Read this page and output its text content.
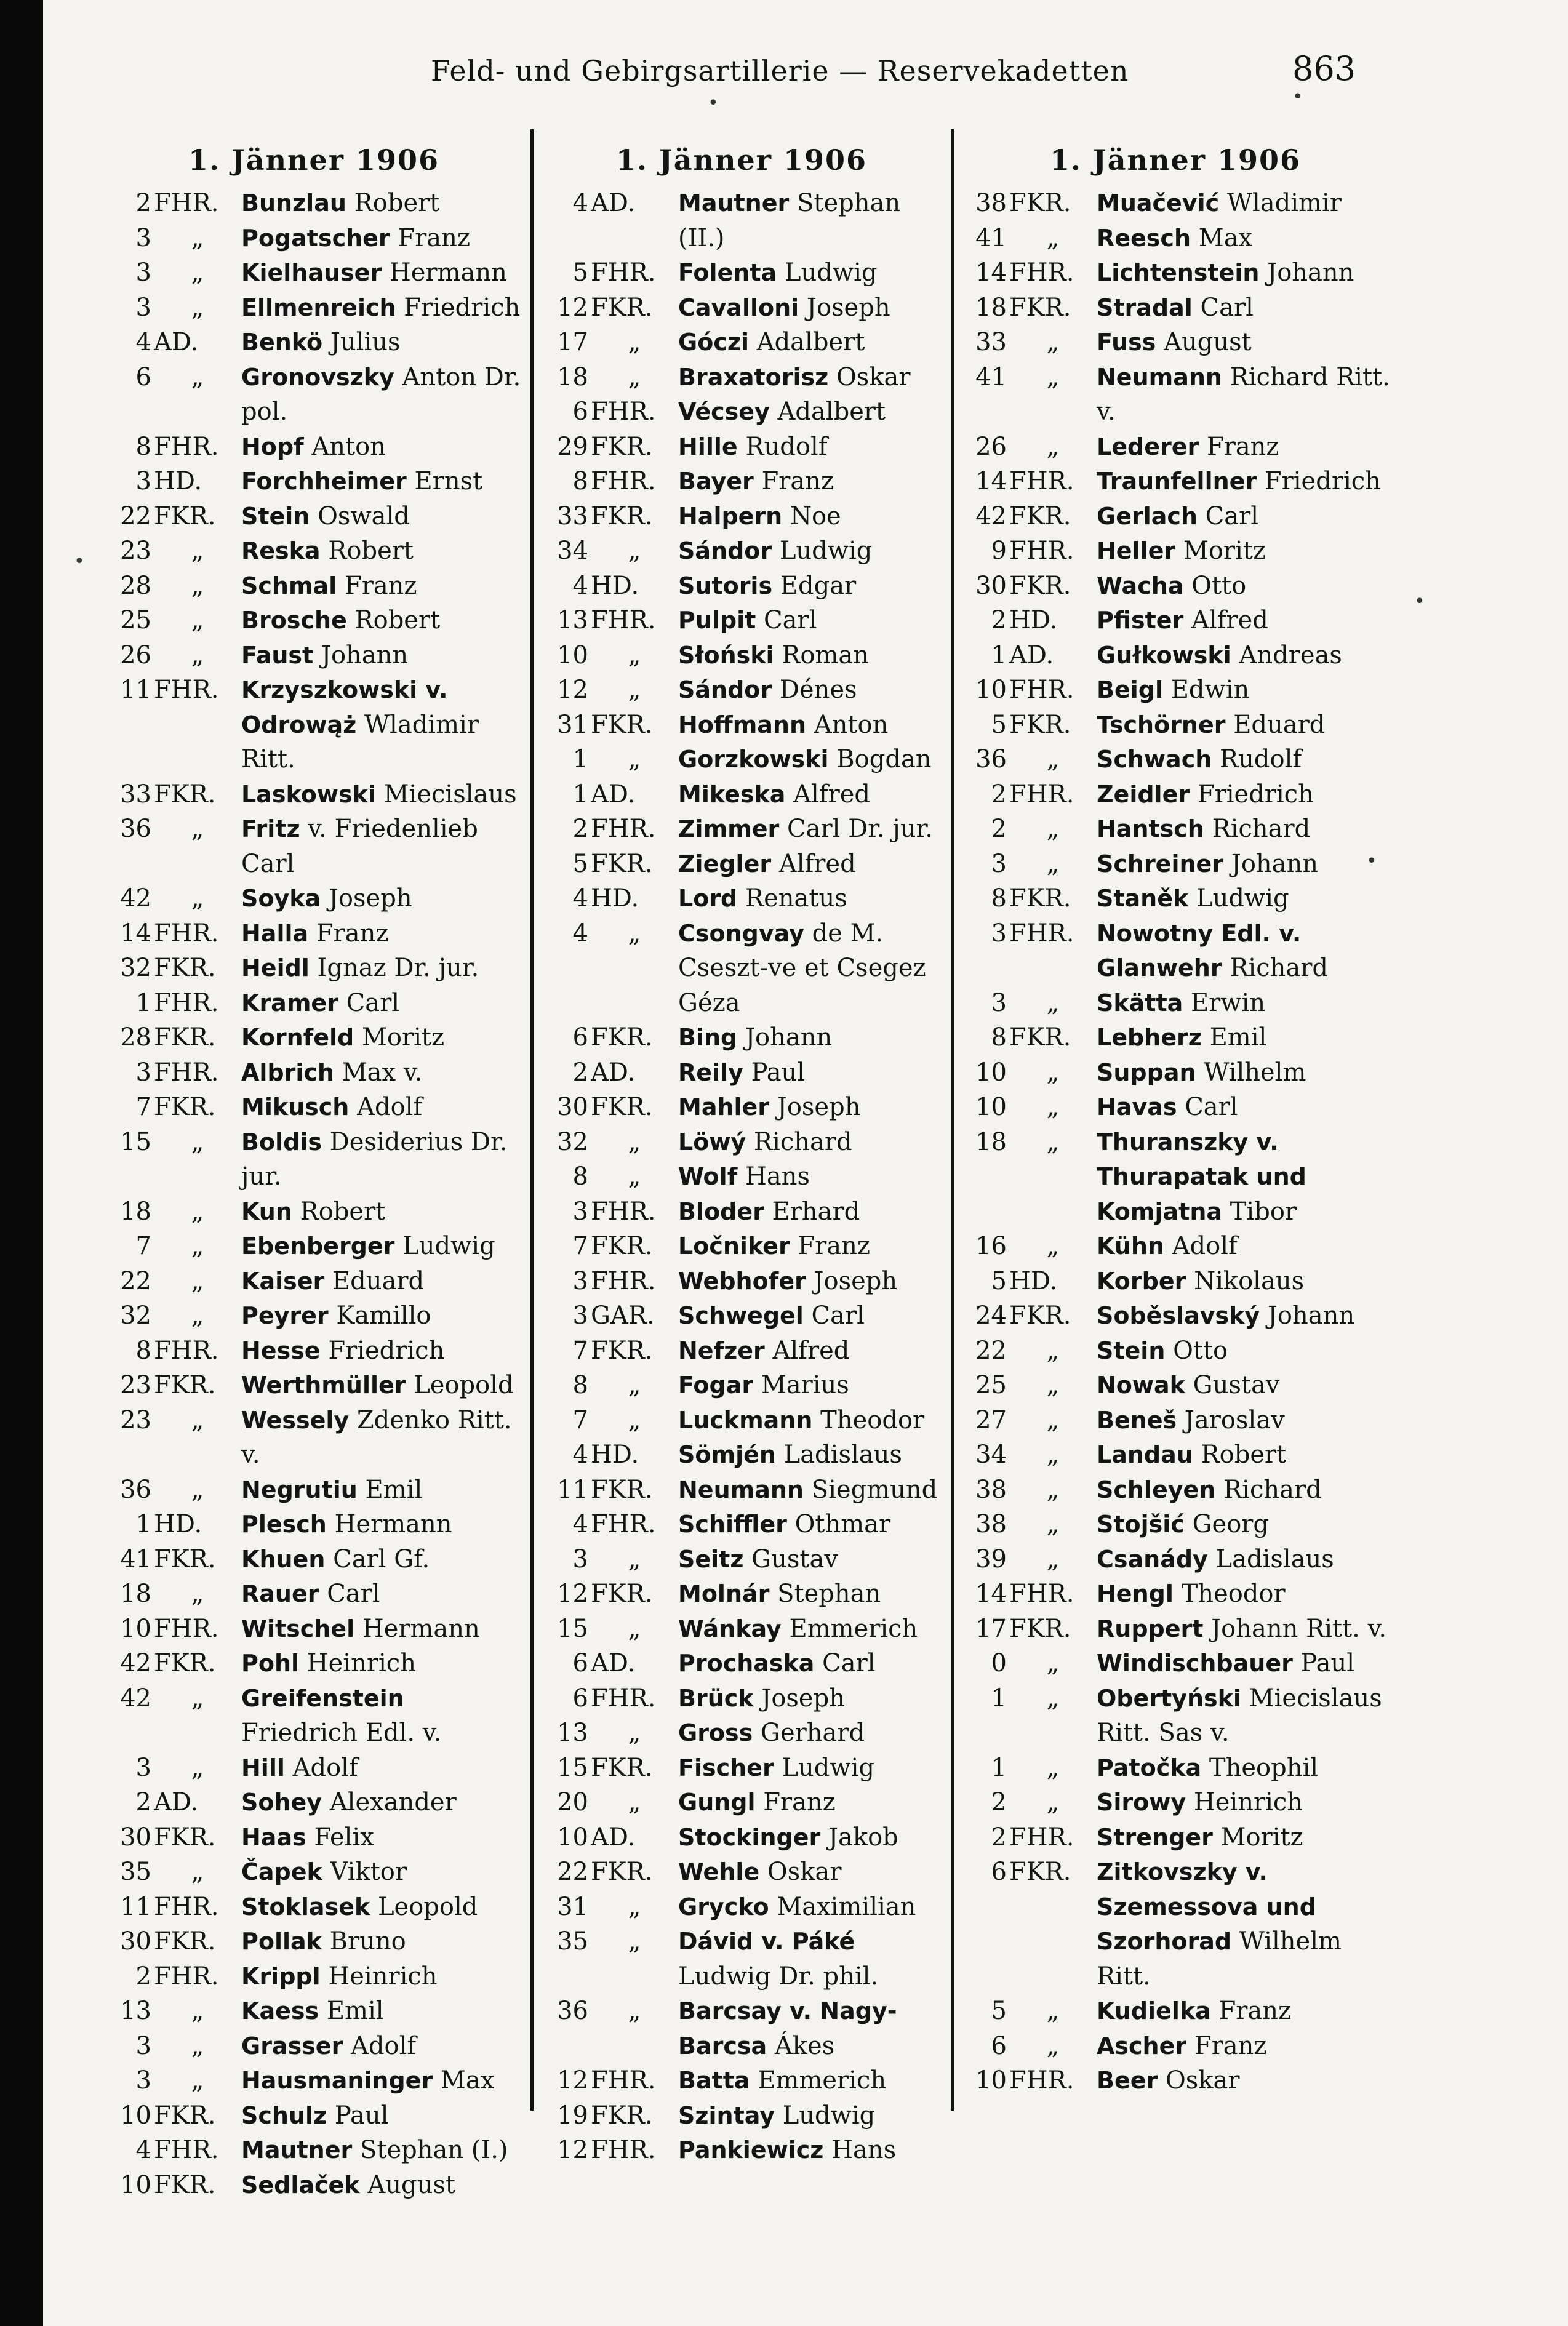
Feld- und Gebirgsartillerie — Reservekadetten	863
•	•
•
•
•
1. Jänner 1906
2 FHR. Bunzlau Robert
3	„	Pogatscher Franz
3	„	Kielhauser Hermann
3	„	Ellmenreich Friedrich
4 AD.	Benkö Julius
6	„	Gronovszky Anton Dr. pol.
8 FHR. Hopf Anton
3 HD.	Forchheimer Ernst
22 FKR.	Stein Oswald
23	„	Reska Robert
28	„	Schmal Franz
25	„	Brosche Robert
26	„	Faust Johann
11 FHR. Krzyszkowski v. Odrowąż Wladimir Ritt.
33 FKR.	Laskowski Miecislaus
36	„	Fritz v. Friedenlieb Carl
42	„	Soyka Joseph
14 FHR. Halla Franz
32 FKR.	Heidl Ignaz Dr. jur.
1 FHR. Kramer Carl
28 FKR.	Kornfeld Moritz
3 FHR. Albrich Max v.
7 FKR.	Mikusch Adolf
15	„	Boldis Desiderius Dr. jur.
18	„	Kun Robert
7	„	Ebenberger Ludwig
22	„	Kaiser Eduard
32	„	Peyrer Kamillo
8 FHR. Hesse Friedrich
23 FKR.	Werthmüller Leopold
23	„	Wessely Zdenko Ritt. v.
36	„	Negrutiu Emil
1 HD.	Plesch Hermann
41 FKR.	Khuen Carl Gf.
18	„	Rauer Carl
10 FHR. Witschel Hermann
42 FKR.	Pohl Heinrich
42	„	Greifenstein Friedrich Edl. v.
3	„	Hill Adolf
2 AD.	Sohey Alexander
30 FKR.	Haas Felix
35	„	Čapek Viktor
11 FHR. Stoklasek Leopold
30 FKR.	Pollak Bruno
2 FHR. Krippl Heinrich
13	„	Kaess Emil
3	„	Grasser Adolf
3	„	Hausmaninger Max
10 FKR.	Schulz Paul
4 FHR. Mautner Stephan (I.)
10 FKR.	Sedlaček August
1. Jänner 1906
4 AD.	Mautner Stephan (II.)
5 FHR. Folenta Ludwig
12 FKR.	Cavalloni Joseph
17	„	Góczi Adalbert
18	„	Braxatorisz Oskar
6 FHR. Vécsey Adalbert
29 FKR.	Hille Rudolf
8 FHR. Bayer Franz
33 FKR.	Halpern Noe
34	„	Sándor Ludwig
4 HD.	Sutoris Edgar
13 FHR. Pulpit Carl
10	„	Słoński Roman
12	„	Sándor Dénes
31 FKR.	Hoffmann Anton
1	„	Gorzkowski Bogdan
1 AD.	Mikeska Alfred
2 FHR. Zimmer Carl Dr. jur.
5 FKR.	Ziegler Alfred
4 HD.	Lord Renatus
4	„	Csongvay de M. Cseszt-ve et Csegez Géza
6 FKR.	Bing Johann
2 AD.	Reily Paul
30 FKR.	Mahler Joseph
32	„	Löwý Richard
8	„	Wolf Hans
3 FHR. Bloder Erhard
7 FKR.	Ločniker Franz
3 FHR. Webhofer Joseph
3 GAR.	Schwegel Carl
7 FKR.	Nefzer Alfred
8	„	Fogar Marius
7	„	Luckmann Theodor
4 HD.	Sömjén Ladislaus
11 FKR.	Neumann Siegmund
4 FHR. Schiffler Othmar
3	„	Seitz Gustav
12 FKR.	Molnár Stephan
15	„	Wánkay Emmerich
6 AD.	Prochaska Carl
6 FHR. Brück Joseph
13	„	Gross Gerhard
15 FKR.	Fischer Ludwig
20	„	Gungl Franz
10 AD.	Stockinger Jakob
22 FKR.	Wehle Oskar
31	„	Grycko Maximilian
35	„	Dávid v. Páké Ludwig Dr. phil.
36	„	Barcsay v. Nagy-Barcsa Ákes
12 FHR. Batta Emmerich
19 FKR.	Szintay Ludwig
12 FHR. Pankiewicz Hans
1. Jänner 1906
38 FKR.	Muačević Wladimir
41	„	Reesch Max
14 FHR. Lichtenstein Johann
18 FKR.	Stradal Carl
33	„	Fuss August
41	„	Neumann Richard Ritt. v.
26	„	Lederer Franz
14 FHR. Traunfellner Friedrich
42 FKR.	Gerlach Carl
9 FHR. Heller Moritz
30 FKR.	Wacha Otto
2 HD.	Pfister Alfred
1 AD.	Gułkowski Andreas
10 FHR. Beigl Edwin
5 FKR.	Tschörner Eduard
36	„	Schwach Rudolf
2 FHR. Zeidler Friedrich
2	„	Hantsch Richard
3	„	Schreiner Johann
8 FKR.	Staněk Ludwig
3 FHR. Nowotny Edl. v. Glanwehr Richard
3	„	Skätta Erwin
8 FKR.	Lebherz Emil
10	„	Suppan Wilhelm
10	„	Havas Carl
18	„	Thuranszky v. Thurapatak und Komjatna Tibor
16	„	Kühn Adolf
5 HD.	Korber Nikolaus
24 FKR.	Soběslavský Johann
22	„	Stein Otto
25	„	Nowak Gustav
27	„	Beneš Jaroslav
34	„	Landau Robert
38	„	Schleyen Richard
38	„	Stojšić Georg
39	„	Csanády Ladislaus
14 FHR. Hengl Theodor
17 FKR.	Ruppert Johann Ritt. v.
0	„	Windischbauer Paul
1	„	Obertyński Miecislaus Ritt. Sas v.
1	„	Patočka Theophil
2	„	Sirowy Heinrich
2 FHR. Strenger Moritz
6 FKR.	Zitkovszky v. Szemessova und Szorhorad Wilhelm Ritt.
5	„	Kudielka Franz
6	„	Ascher Franz
10 FHR. Beer Oskar
